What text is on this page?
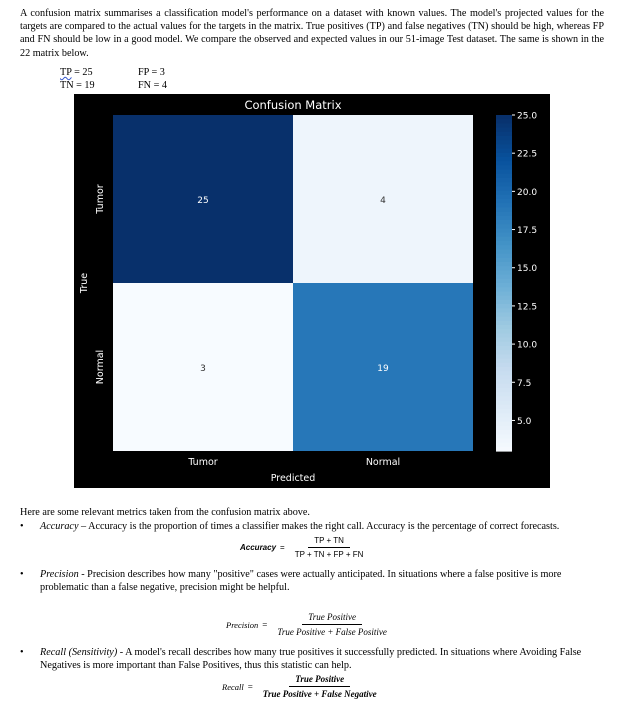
A confusion matrix summarises a classification model's performance on a dataset with known values. The model's projected values for the targets are compared to the actual values for the targets in the matrix. True positives (TP) and false negatives (TN) should be high, whereas FP and FN should be low in a good model. We compare the observed and expected values in our 51-image Test dataset. The same is shown in the 22 matrix below.
TP = 25	FP = 3
TN = 19	FN = 4
Confusion Matrix
25	4
3	19
Tumor	Normal
Tumor
Normal
Predicted
True
25.0
22.5
20.0
17.5
15.0
12.5
10.0
7.5
5.0
Here are some relevant metrics taken from the confusion matrix above.
• Accuracy – Accuracy is the proportion of times a classifier makes the right call. Accuracy is the percentage of correct forecasts.
Accuracy = $\frac{TP + TN}{TP + TN + FP + FN}$
• Precision - Precision describes how many "positive" cases were actually anticipated. In situations where a false positive is more problematic than a false negative, precision might be helpful.
Precision = $\frac{\text{True Positive}}{\text{True Positive + False Positive}}$
• Recall (Sensitivity) - A model's recall describes how many true positives it successfully predicted. In situations where Avoiding False Negatives is more important than False Positives, thus this statistic can help.
Recall = $\frac{\text{True Positive}}{\text{True Positive + False Negative}}$
